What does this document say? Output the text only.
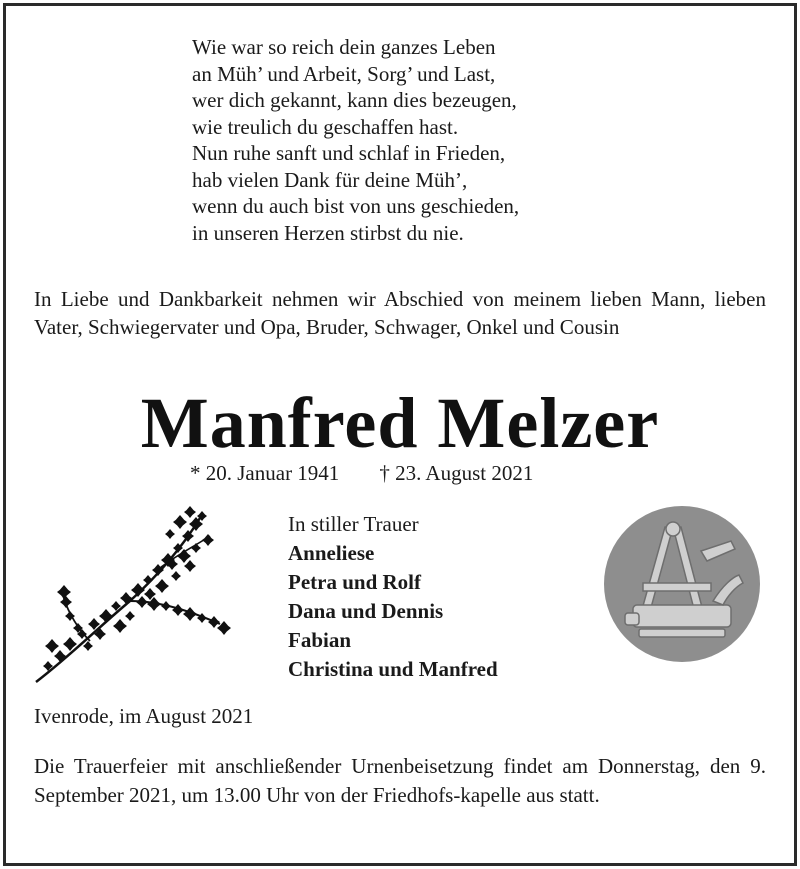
Wie war so reich dein ganzes Leben
an Müh’ und Arbeit, Sorg’ und Last,
wer dich gekannt, kann dies bezeugen,
wie treulich du geschaffen hast.
Nun ruhe sanft und schlaf in Frieden,
hab vielen Dank für deine Müh’,
wenn du auch bist von uns geschieden,
in unseren Herzen stirbst du nie.
In Liebe und Dankbarkeit nehmen wir Abschied von meinem lieben Mann, lieben Vater, Schwiegervater und Opa, Bruder, Schwager, Onkel und Cousin
Manfred Melzer
* 20. Januar 1941 † 23. August 2021
In stiller Trauer
Anneliese
Petra und Rolf
Dana und Dennis
Fabian
Christina und Manfred
Ivenrode, im August 2021
Die Trauerfeier mit anschließender Urnenbeisetzung findet am Donnerstag, den 9. September 2021, um 13.00 Uhr von der Friedhofs-kapelle aus statt.
